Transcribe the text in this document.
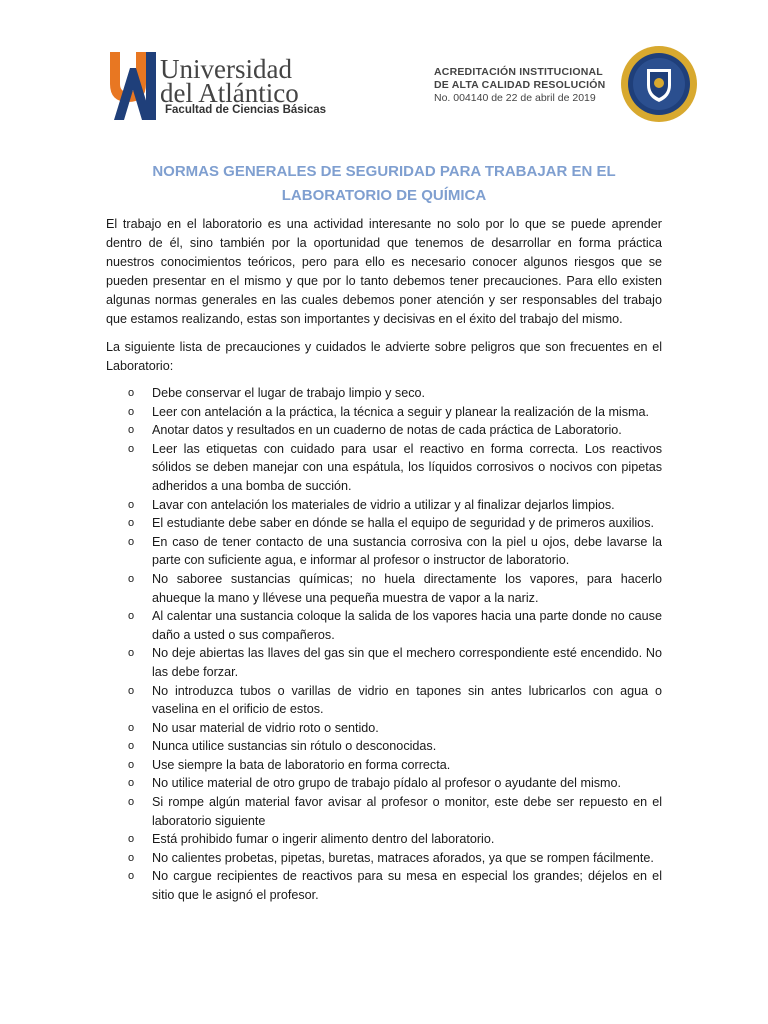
Universidad
del Atlántico
Facultad de Ciencias Básicas
ACREDITACIÓN INSTITUCIONAL
DE ALTA CALIDAD RESOLUCIÓN
No. 004140 de 22 de abril de 2019
NORMAS GENERALES DE SEGURIDAD PARA TRABAJAR EN EL LABORATORIO DE QUÍMICA

El trabajo en el laboratorio es una actividad interesante no solo por lo que se puede aprender dentro de él, sino también por la oportunidad que tenemos de desarrollar en forma práctica nuestros conocimientos teóricos, pero para ello es necesario conocer algunos riesgos que se pueden presentar en el mismo y que por lo tanto debemos tener precauciones. Para ello existen algunas normas generales en las cuales debemos poner atención y ser responsables del trabajo que estamos realizando, estas son importantes y decisivas en el éxito del trabajo del mismo.

La siguiente lista de precauciones y cuidados le advierte sobre peligros que son frecuentes en el Laboratorio:

o Debe conservar el lugar de trabajo limpio y seco.
o Leer con antelación a la práctica, la técnica a seguir y planear la realización de la misma.
o Anotar datos y resultados en un cuaderno de notas de cada práctica de Laboratorio.
o Leer las etiquetas con cuidado para usar el reactivo en forma correcta. Los reactivos sólidos se deben manejar con una espátula, los líquidos corrosivos o nocivos con pipetas adheridos a una bomba de succión.
o Lavar con antelación los materiales de vidrio a utilizar y al finalizar dejarlos limpios.
o El estudiante debe saber en dónde se halla el equipo de seguridad y de primeros auxilios.
o En caso de tener contacto de una sustancia corrosiva con la piel u ojos, debe lavarse la parte con suficiente agua, e informar al profesor o instructor de laboratorio.
o No saboree sustancias químicas; no huela directamente los vapores, para hacerlo ahueque la mano y llévese una pequeña muestra de vapor a la nariz.
o Al calentar una sustancia coloque la salida de los vapores hacia una parte donde no cause daño a usted o sus compañeros.
o No deje abiertas las llaves del gas sin que el mechero correspondiente esté encendido. No las debe forzar.
o No introduzca tubos o varillas de vidrio en tapones sin antes lubricarlos con agua o vaselina en el orificio de estos.
o No usar material de vidrio roto o sentido.
o Nunca utilice sustancias sin rótulo o desconocidas.
o Use siempre la bata de laboratorio en forma correcta.
o No utilice material de otro grupo de trabajo pídalo al profesor o ayudante del mismo.
o Si rompe algún material favor avisar al profesor o monitor, este debe ser repuesto en el laboratorio siguiente
o Está prohibido fumar o ingerir alimento dentro del laboratorio.
o No calientes probetas, pipetas, buretas, matraces aforados, ya que se rompen fácilmente.
o No cargue recipientes de reactivos para su mesa en especial los grandes; déjelos en el sitio que le asignó el profesor.
